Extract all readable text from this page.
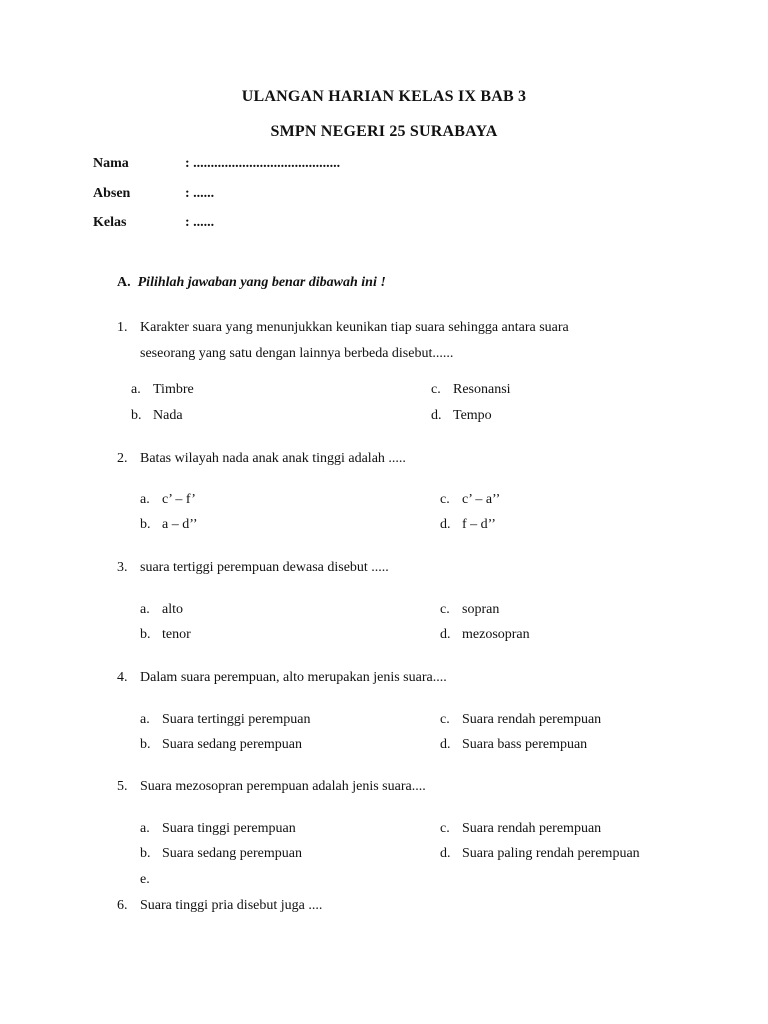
ULANGAN HARIAN KELAS IX BAB 3
SMPN NEGERI 25 SURABAYA
Nama	: ..........................................
Absen	: ......
Kelas	: ......
A. Pilihlah jawaban yang benar dibawah ini !
1. Karakter suara yang menunjukkan keunikan tiap suara sehingga antara suara
seseorang yang satu dengan lainnya berbeda disebut......
a. Timbre
b. Nada
c. Resonansi
d. Tempo
2. Batas wilayah nada anak anak tinggi adalah .....
a. c’ – f’
b. a – d’’
c. c’ – a’’
d. f – d’’
3. suara tertiggi perempuan dewasa disebut .....
a. alto
b. tenor
c. sopran
d. mezosopran
4. Dalam suara perempuan, alto merupakan jenis suara....
a. Suara tertinggi perempuan
b. Suara sedang perempuan
c. Suara rendah perempuan
d. Suara bass perempuan
5. Suara mezosopran perempuan adalah jenis suara....
a. Suara tinggi perempuan
b. Suara sedang perempuan
c. Suara rendah perempuan
d. Suara paling rendah perempuan
e.
6. Suara tinggi pria disebut juga ....
